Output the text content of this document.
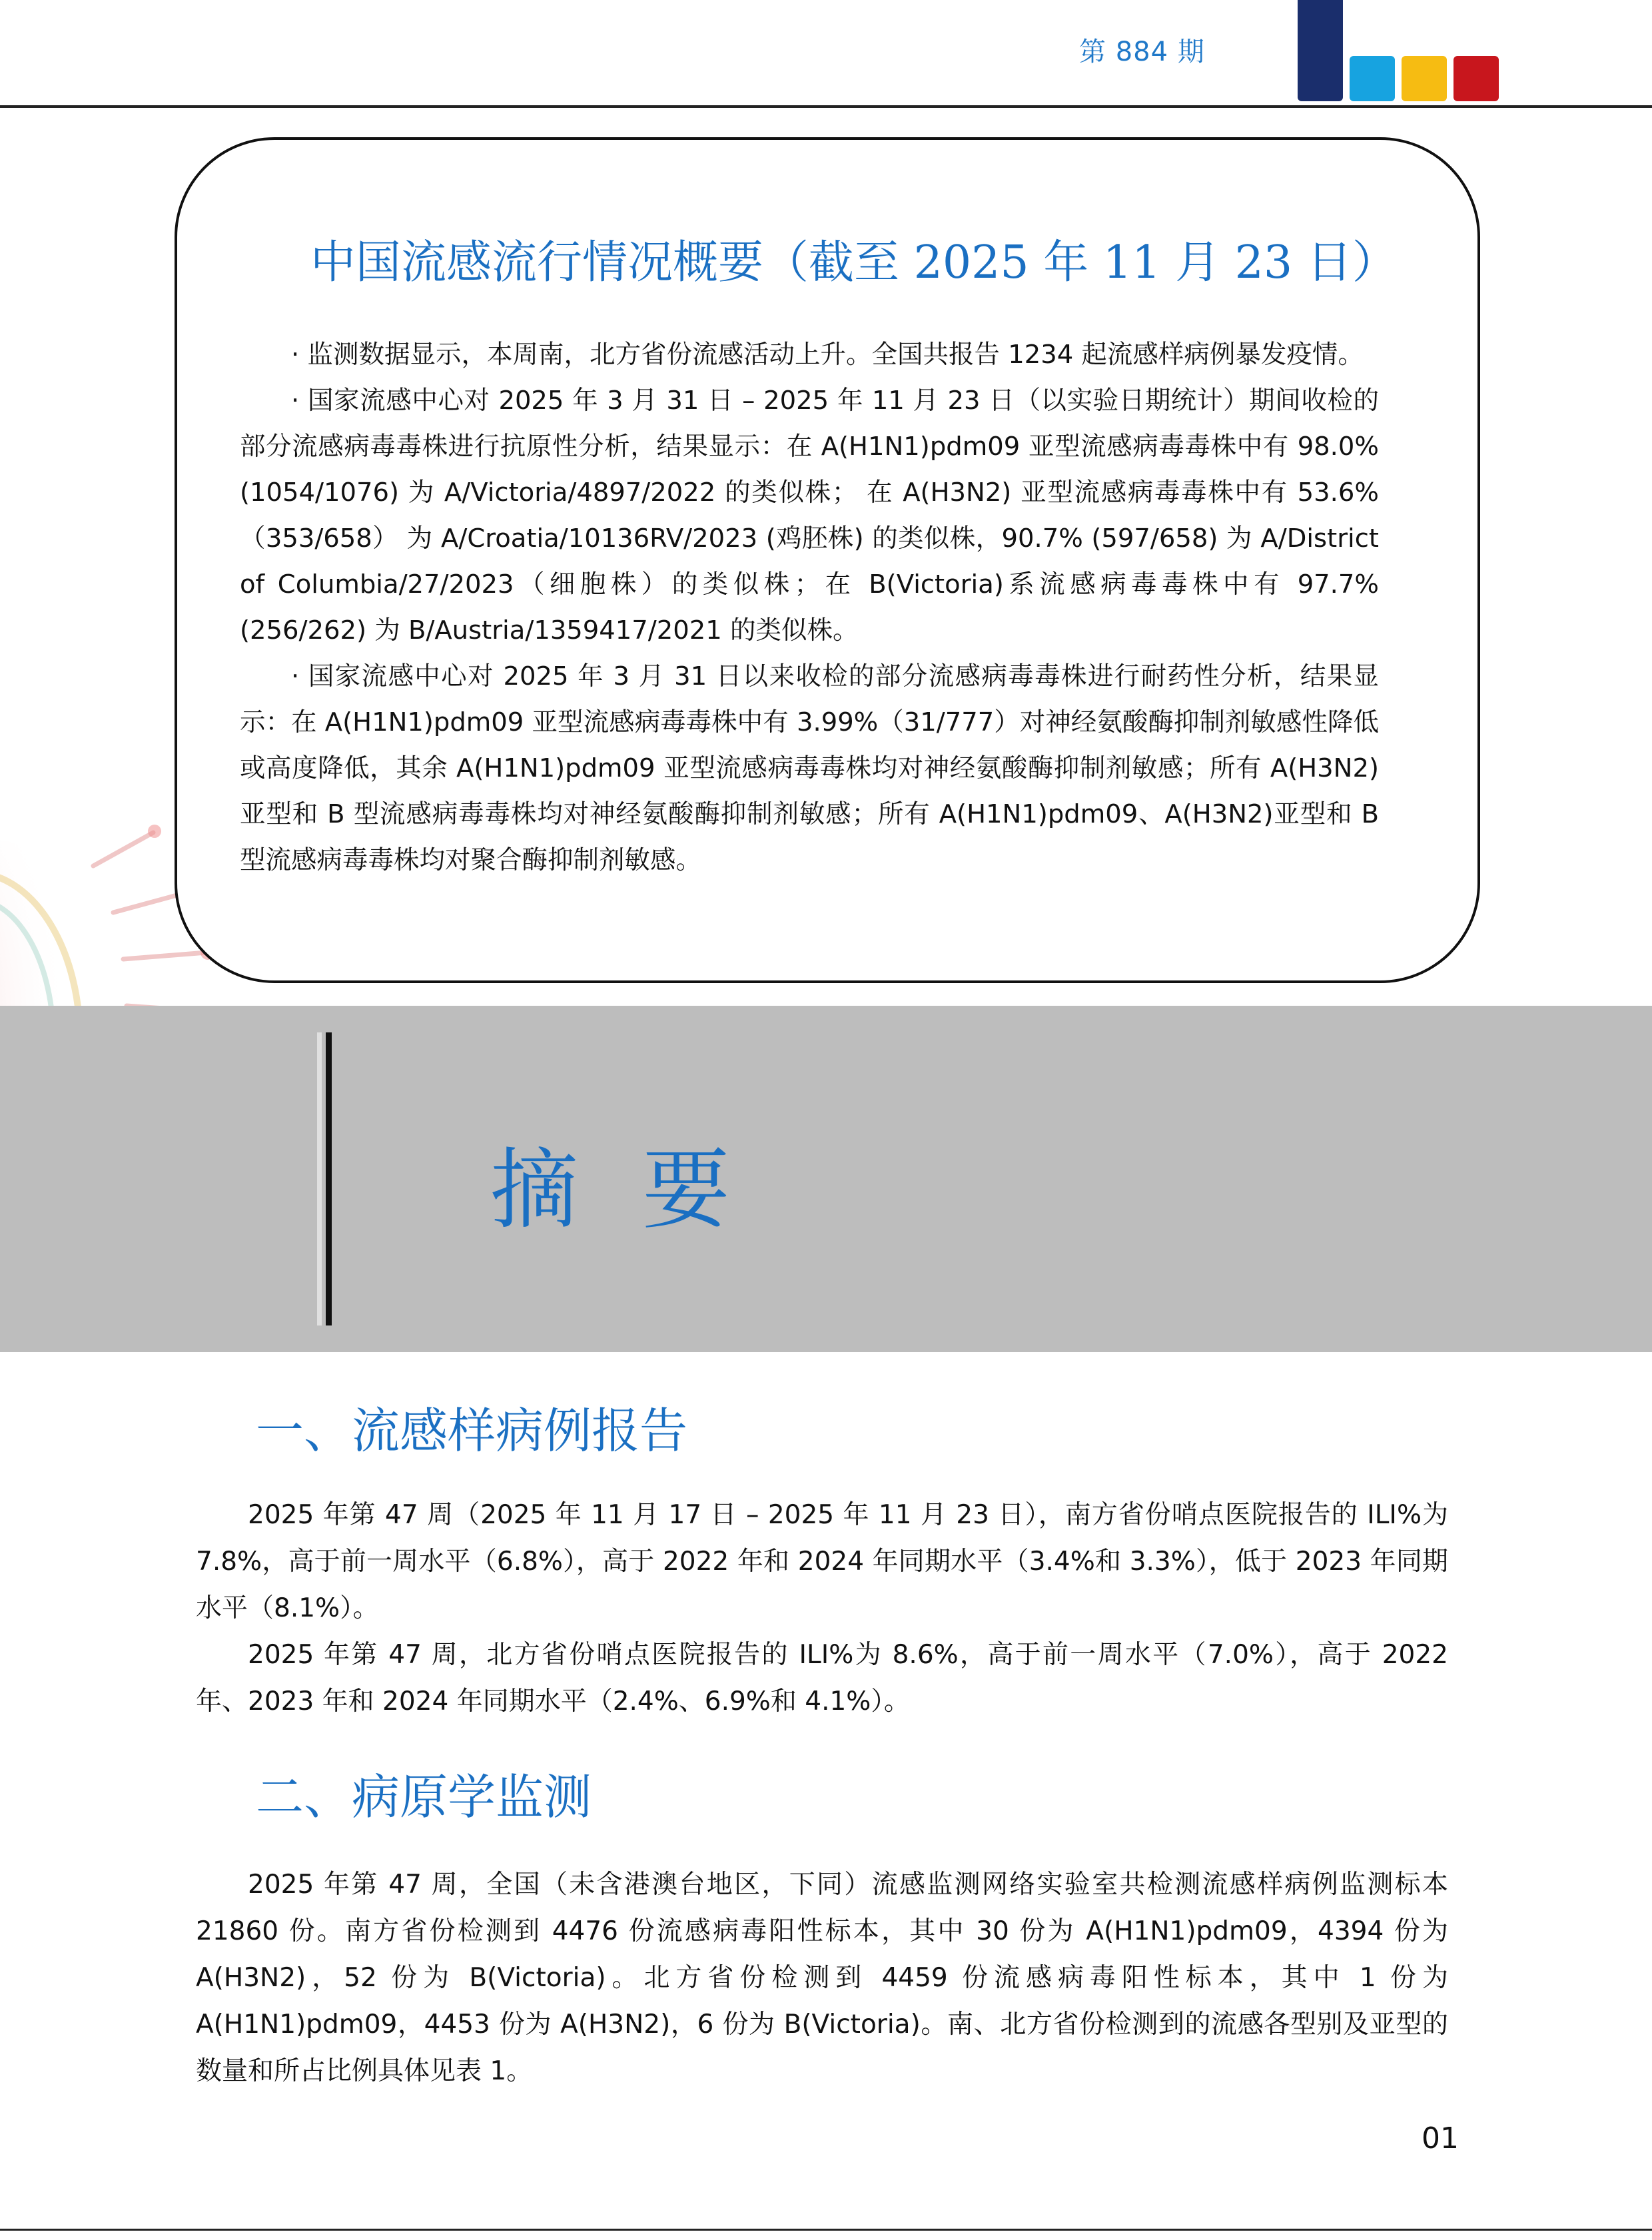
第 884 期
中国流感流行情况概要（截至 2025 年 11 月 23 日）

· 监测数据显示，本周南，北方省份流感活动上升。全国共报告 1234 起流感样病例暴发疫情。

· 国家流感中心对 2025 年 3 月 31 日 – 2025 年 11 月 23 日（以实验日期统计）期间收检的部分流感病毒毒株进行抗原性分析，结果显示：在 A(H1N1)pdm09 亚型流感病毒毒株中有 98.0% (1054/1076) 为 A/Victoria/4897/2022 的类似株； 在 A(H3N2) 亚型流感病毒毒株中有 53.6% （353/658） 为 A/Croatia/10136RV/2023 (鸡胚株) 的类似株，90.7% (597/658) 为 A/District of Columbia/27/2023（细胞株）的类似株；在 B(Victoria)系流感病毒毒株中有 97.7% (256/262) 为 B/Austria/1359417/2021 的类似株。

· 国家流感中心对 2025 年 3 月 31 日以来收检的部分流感病毒毒株进行耐药性分析，结果显示：在 A(H1N1)pdm09 亚型流感病毒毒株中有 3.99%（31/777）对神经氨酸酶抑制剂敏感性降低或高度降低，其余 A(H1N1)pdm09 亚型流感病毒毒株均对神经氨酸酶抑制剂敏感；所有 A(H3N2)亚型和 B 型流感病毒毒株均对神经氨酸酶抑制剂敏感；所有 A(H1N1)pdm09、A(H3N2)亚型和 B 型流感病毒毒株均对聚合酶抑制剂敏感。

摘要
一、流感样病例报告

2025 年第 47 周（2025 年 11 月 17 日 – 2025 年 11 月 23 日），南方省份哨点医院报告的 ILI%为 7.8%，高于前一周水平（6.8%），高于 2022 年和 2024 年同期水平（3.4%和 3.3%），低于 2023 年同期水平（8.1%）。

2025 年第 47 周，北方省份哨点医院报告的 ILI%为 8.6%，高于前一周水平（7.0%），高于 2022 年、2023 年和 2024 年同期水平（2.4%、6.9%和 4.1%）。

二、病原学监测

2025 年第 47 周，全国（未含港澳台地区，下同）流感监测网络实验室共检测流感样病例监测标本 21860 份。南方省份检测到 4476 份流感病毒阳性标本，其中 30 份为 A(H1N1)pdm09，4394 份为 A(H3N2)，52 份为 B(Victoria)。北方省份检测到 4459 份流感病毒阳性标本，其中 1 份为 A(H1N1)pdm09，4453 份为 A(H3N2)，6 份为 B(Victoria)。南、北方省份检测到的流感各型别及亚型的数量和所占比例具体见表 1。

01
